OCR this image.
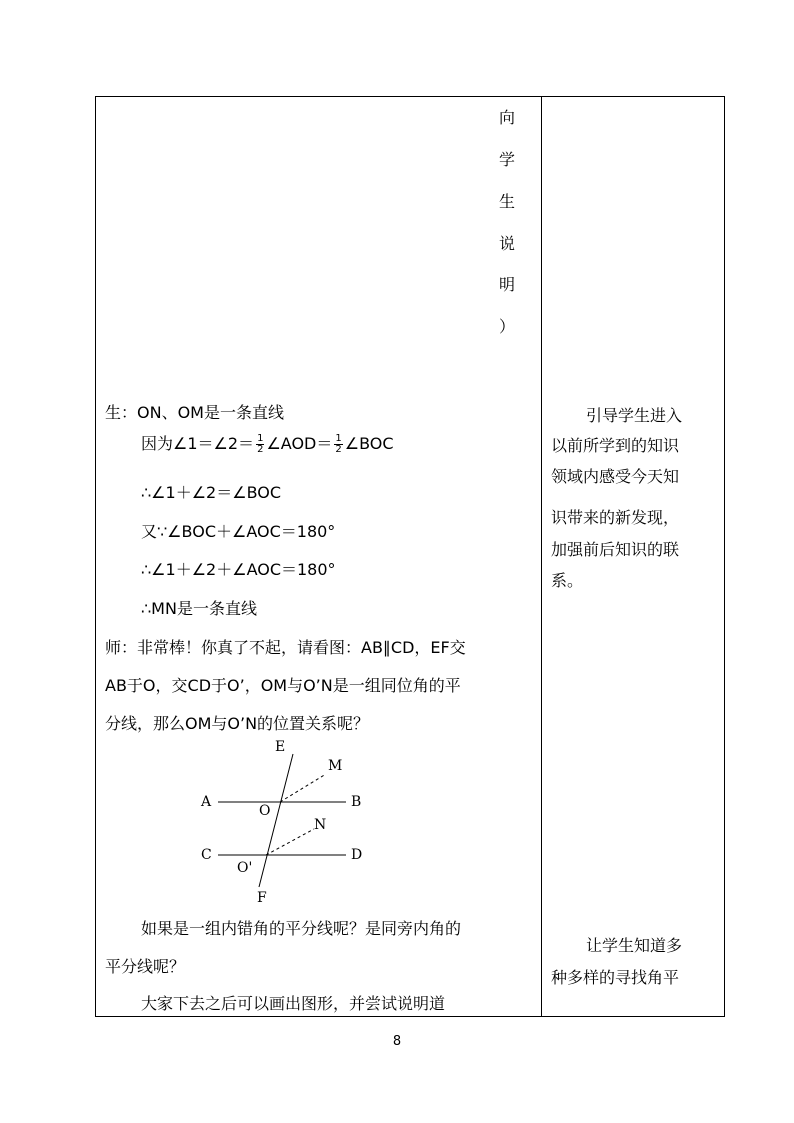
向
学
生
说
明
）
生：ON、OM是一条直线
因为∠1＝∠2＝ $\frac{1}{2}$ ∠AOD＝ $\frac{1}{2}$ ∠BOC
∴∠1＋∠2＝∠BOC
又∵∠BOC＋∠AOC＝180°
∴∠1＋∠2＋∠AOC＝180°
∴MN是一条直线
师：非常棒！你真了不起，请看图：AB∥CD，EF交
AB于O，交CD于O’，OM与O’N是一组同位角的平
分线，那么OM与O’N的位置关系呢？
E
M
A
O
B
N
C	D
O'
F
如果是一组内错角的平分线呢？是同旁内角的
平分线呢？
大家下去之后可以画出图形，并尝试说明道
引导学生进入
以前所学到的知识
领域内感受今天知
识带来的新发现，
加强前后知识的联
系。
让学生知道多
种多样的寻找角平
8
